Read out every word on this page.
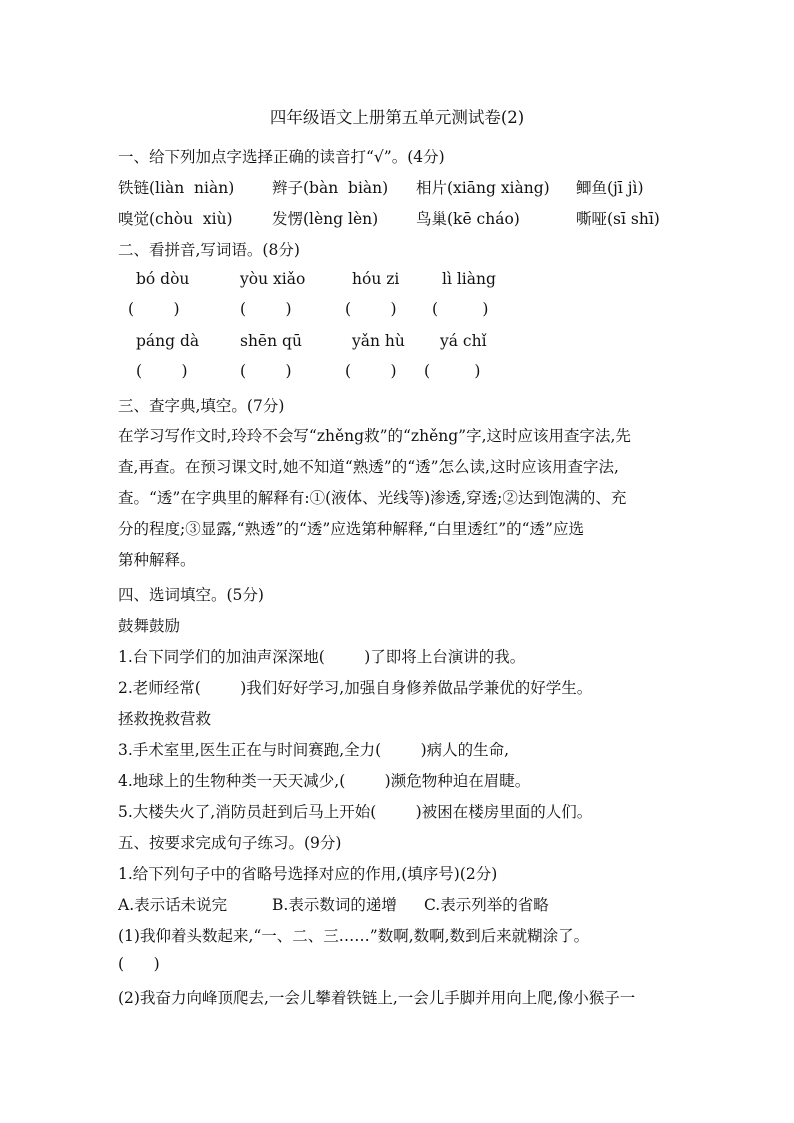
四年级语文上册第五单元测试卷(2)
一、给下列加点字选择正确的读音打“√”。(4分)
铁链(liàn  niàn) 辫子(bàn  biàn) 相片(xiāng xiàng) 鲫鱼(jī jì)
嗅觉(chòu  xiù)	发愣(lèng lèn) 鸟巢(kē cháo)	嘶哑(sī shī)
二、看拼音,写词语。(8分)
bó dòu	yòu xiǎo	hóu zi	lì liàng
(        )	(        )	(        ) (         )
páng dà	shēn qū	yǎn hù yá chǐ
(        )	(        )	(        ) (         )
三、查字典,填空。(7分)
在学习写作文时,玲玲不会写“zhěng救”的“zhěng”字,这时应该用查字法,先
查,再查。在预习课文时,她不知道“熟透”的“透”怎么读,这时应该用查字法,
查。“透”在字典里的解释有:①(液体、光线等)渗透,穿透;②达到饱满的、充
分的程度;③显露,“熟透”的“透”应选第种解释,“白里透红”的“透”应选
第种解释。
四、选词填空。(5分)
鼓舞鼓励
1.台下同学们的加油声深深地(        )了即将上台演讲的我。
2.老师经常(        )我们好好学习,加强自身修养做品学兼优的好学生。
拯救挽救营救
3.手术室里,医生正在与时间赛跑,全力(        )病人的生命,
4.地球上的生物种类一天天减少,(        )濒危物种迫在眉睫。
5.大楼失火了,消防员赶到后马上开始(        )被困在楼房里面的人们。
五、按要求完成句子练习。(9分)
1.给下列句子中的省略号选择对应的作用,(填序号)(2分)
A.表示话未说完	B.表示数词的递增 C.表示列举的省略
(1)我仰着头数起来,“一、二、三……”数啊,数啊,数到后来就糊涂了。
(      )
(2)我奋力向峰顶爬去,一会儿攀着铁链上,一会儿手脚并用向上爬,像小猴子一
